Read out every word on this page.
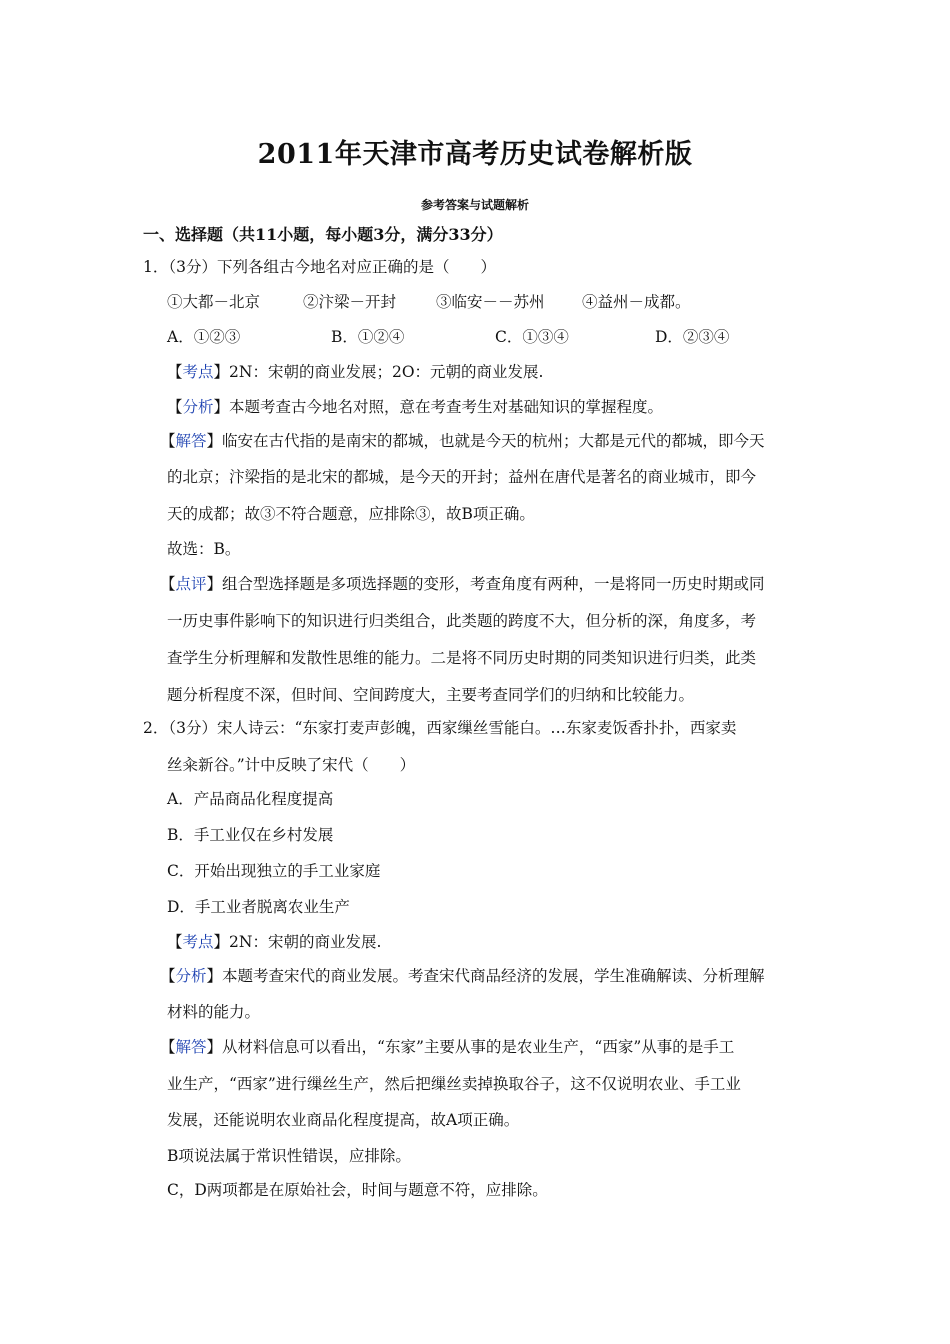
2011年天津市高考历史试卷解析版
参考答案与试题解析
一、选择题（共11小题，每小题3分，满分33分）
1．（3分）下列各组古今地名对应正确的是（　　）
①大都－北京	②汴梁－开封	③临安－－苏州 ④益州－成都。
A．①②③	B．①②④	C．①③④	D．②③④
【考点】2N：宋朝的商业发展；2O：元朝的商业发展.
【分析】本题考查古今地名对照，意在考查考生对基础知识的掌握程度。
【解答】临安在古代指的是南宋的都城，也就是今天的杭州；大都是元代的都城，即今天
的北京；汴梁指的是北宋的都城，是今天的开封；益州在唐代是著名的商业城市，即今
天的成都；故③不符合题意，应排除③，故B项正确。
故选：B。
【点评】组合型选择题是多项选择题的变形，考查角度有两种，一是将同一历史时期或同
一历史事件影响下的知识进行归类组合，此类题的跨度不大，但分析的深，角度多，考
查学生分析理解和发散性思维的能力。二是将不同历史时期的同类知识进行归类，此类
题分析程度不深，但时间、空间跨度大，主要考查同学们的归纳和比较能力。
2．（3分）宋人诗云：“东家打麦声彭魄，西家缫丝雪能白。…东家麦饭香扑扑，西家卖
丝籴新谷。”计中反映了宋代（　　）
A．产品商品化程度提高
B．手工业仅在乡村发展
C．开始出现独立的手工业家庭
D．手工业者脱离农业生产
【考点】2N：宋朝的商业发展.
【分析】本题考查宋代的商业发展。考查宋代商品经济的发展，学生准确解读、分析理解
材料的能力。
【解答】从材料信息可以看出，“东家”主要从事的是农业生产，“西家”从事的是手工
业生产，“西家”进行缫丝生产，然后把缫丝卖掉换取谷子，这不仅说明农业、手工业
发展，还能说明农业商品化程度提高，故A项正确。
B项说法属于常识性错误，应排除。
C，D两项都是在原始社会，时间与题意不符，应排除。
